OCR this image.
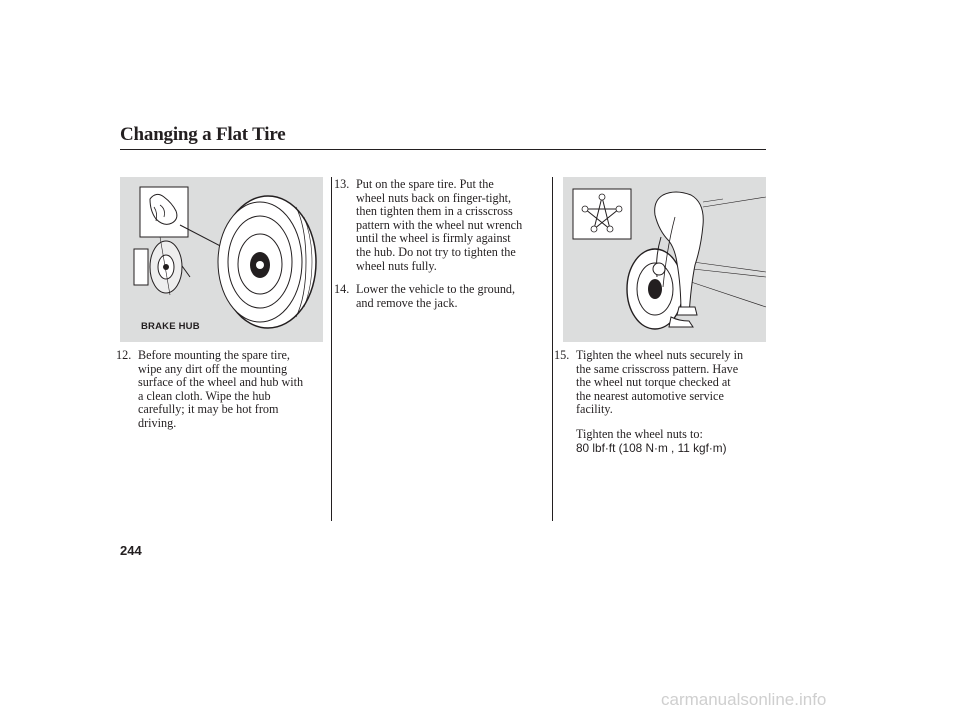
Changing a Flat Tire
BRAKE HUB
12. Before mounting the spare tire,
wipe any dirt off the mounting
surface of the wheel and hub with
a clean cloth. Wipe the hub
carefully; it may be hot from
driving.
13. Put on the spare tire. Put the
wheel nuts back on finger-tight,
then tighten them in a crisscross
pattern with the wheel nut wrench
until the wheel is firmly against
the hub. Do not try to tighten the
wheel nuts fully.
14. Lower the vehicle to the ground,
and remove the jack.
15. Tighten the wheel nuts securely in
the same crisscross pattern. Have
the wheel nut torque checked at
the nearest automotive service
facility.
Tighten the wheel nuts to:
80 lbf·ft (108 N·m , 11 kgf·m)
244
carmanualsonline.info
